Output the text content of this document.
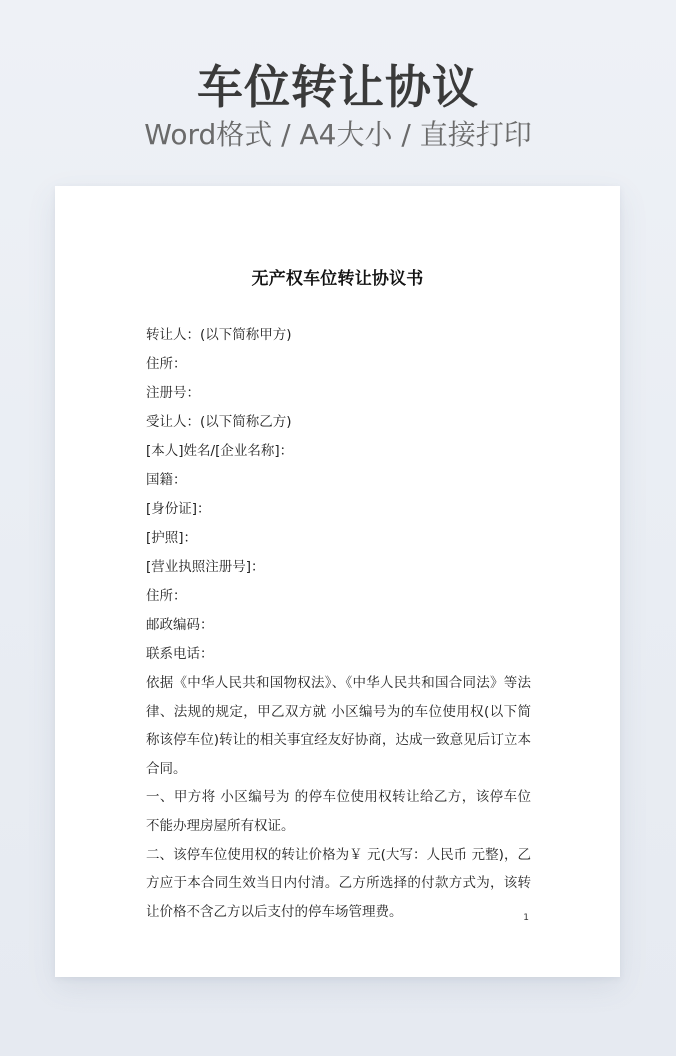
车位转让协议
Word格式 / A4大小 / 直接打印
无产权车位转让协议书
转让人：(以下简称甲方)
住所：
注册号：
受让人：(以下简称乙方)
[本人]姓名/[企业名称]：
国籍：
[身份证]：
[护照]：
[营业执照注册号]：
住所：
邮政编码：
联系电话：
依据《中华人民共和国物权法》、《中华人民共和国合同法》等法律、法规的规定，甲乙双方就 小区编号为的车位使用权(以下简称该停车位)转让的相关事宜经友好协商，达成一致意见后订立本合同。
一、甲方将 小区编号为 的停车位使用权转让给乙方，该停车位不能办理房屋所有权证。
二、该停车位使用权的转让价格为￥ 元(大写：人民币 元整)，乙方应于本合同生效当日内付清。乙方所选择的付款方式为，该转让价格不含乙方以后支付的停车场管理费。	1
